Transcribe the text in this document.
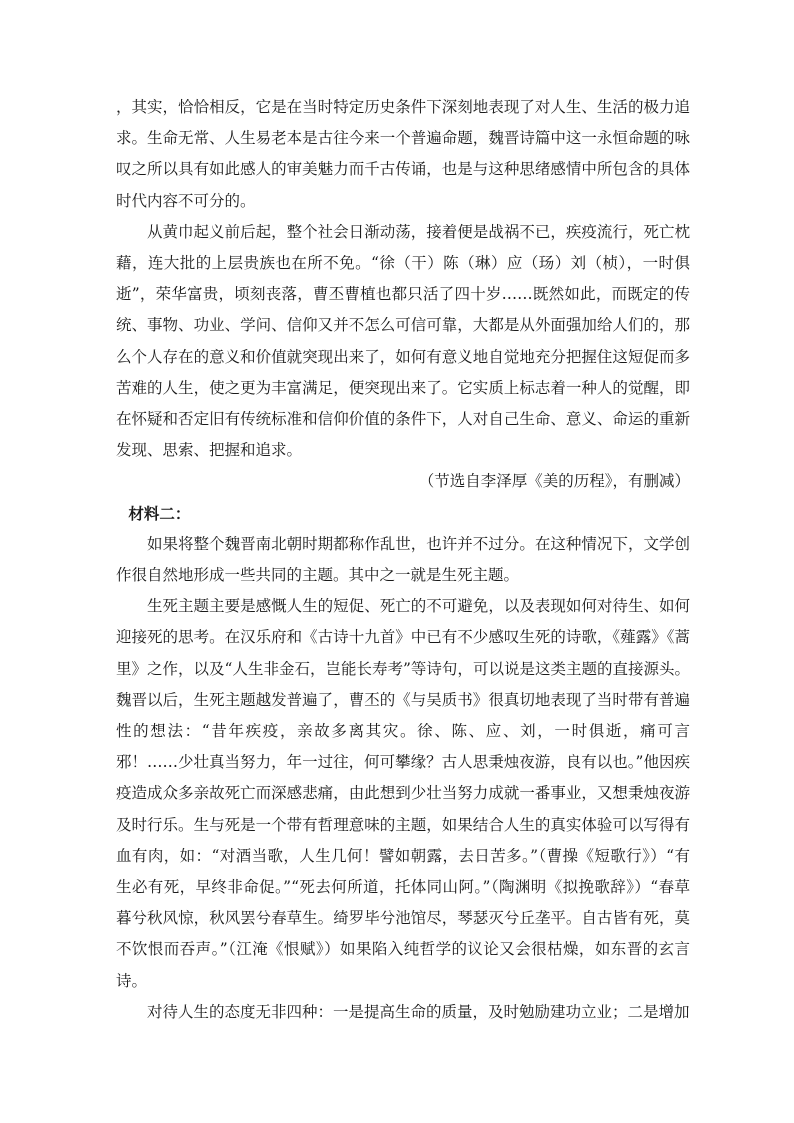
，其实，恰恰相反，它是在当时特定历史条件下深刻地表现了对人生、生活的极力追求。生命无常、人生易老本是古往今来一个普遍命题，魏晋诗篇中这一永恒命题的咏叹之所以具有如此感人的审美魅力而千古传诵，也是与这种思绪感情中所包含的具体时代内容不可分的。

从黄巾起义前后起，整个社会日渐动荡，接着便是战祸不已，疾疫流行，死亡枕藉，连大批的上层贵族也在所不免。“徐（干）陈（琳）应（玚）刘（桢），一时俱逝”，荣华富贵，顷刻丧落，曹丕曹植也都只活了四十岁……既然如此，而既定的传统、事物、功业、学问、信仰又并不怎么可信可靠，大都是从外面强加给人们的，那么个人存在的意义和价值就突现出来了，如何有意义地自觉地充分把握住这短促而多苦难的人生，使之更为丰富满足，便突现出来了。它实质上标志着一种人的觉醒，即在怀疑和否定旧有传统标准和信仰价值的条件下，人对自己生命、意义、命运的重新发现、思索、把握和追求。

（节选自李泽厚《美的历程》，有删减）

材料二：

如果将整个魏晋南北朝时期都称作乱世，也许并不过分。在这种情况下，文学创作很自然地形成一些共同的主题。其中之一就是生死主题。

生死主题主要是感慨人生的短促、死亡的不可避免，以及表现如何对待生、如何迎接死的思考。在汉乐府和《古诗十九首》中已有不少感叹生死的诗歌，《薤露》《蒿里》之作，以及“人生非金石，岂能长寿考”等诗句，可以说是这类主题的直接源头。魏晋以后，生死主题越发普遍了，曹丕的《与吴质书》很真切地表现了当时带有普遍性的想法：“昔年疾疫，亲故多离其灾。徐、陈、应、刘，一时俱逝，痛可言邪！……少壮真当努力，年一过往，何可攀缘？古人思秉烛夜游，良有以也。”他因疾疫造成众多亲故死亡而深感悲痛，由此想到少壮当努力成就一番事业，又想秉烛夜游及时行乐。生与死是一个带有哲理意味的主题，如果结合人生的真实体验可以写得有血有肉，如：“对酒当歌，人生几何！譬如朝露，去日苦多。”（曹操《短歌行》）“有生必有死，早终非命促。”“死去何所道，托体同山阿。”（陶渊明《拟挽歌辞》）“春草暮兮秋风惊，秋风罢兮春草生。绮罗毕兮池馆尽，琴瑟灭兮丘垄平。自古皆有死，莫不饮恨而吞声。”（江淹《恨赋》）如果陷入纯哲学的议论又会很枯燥，如东晋的玄言诗。

对待人生的态度无非四种：一是提高生命的质量，及时勉励建功立业；二是增加
